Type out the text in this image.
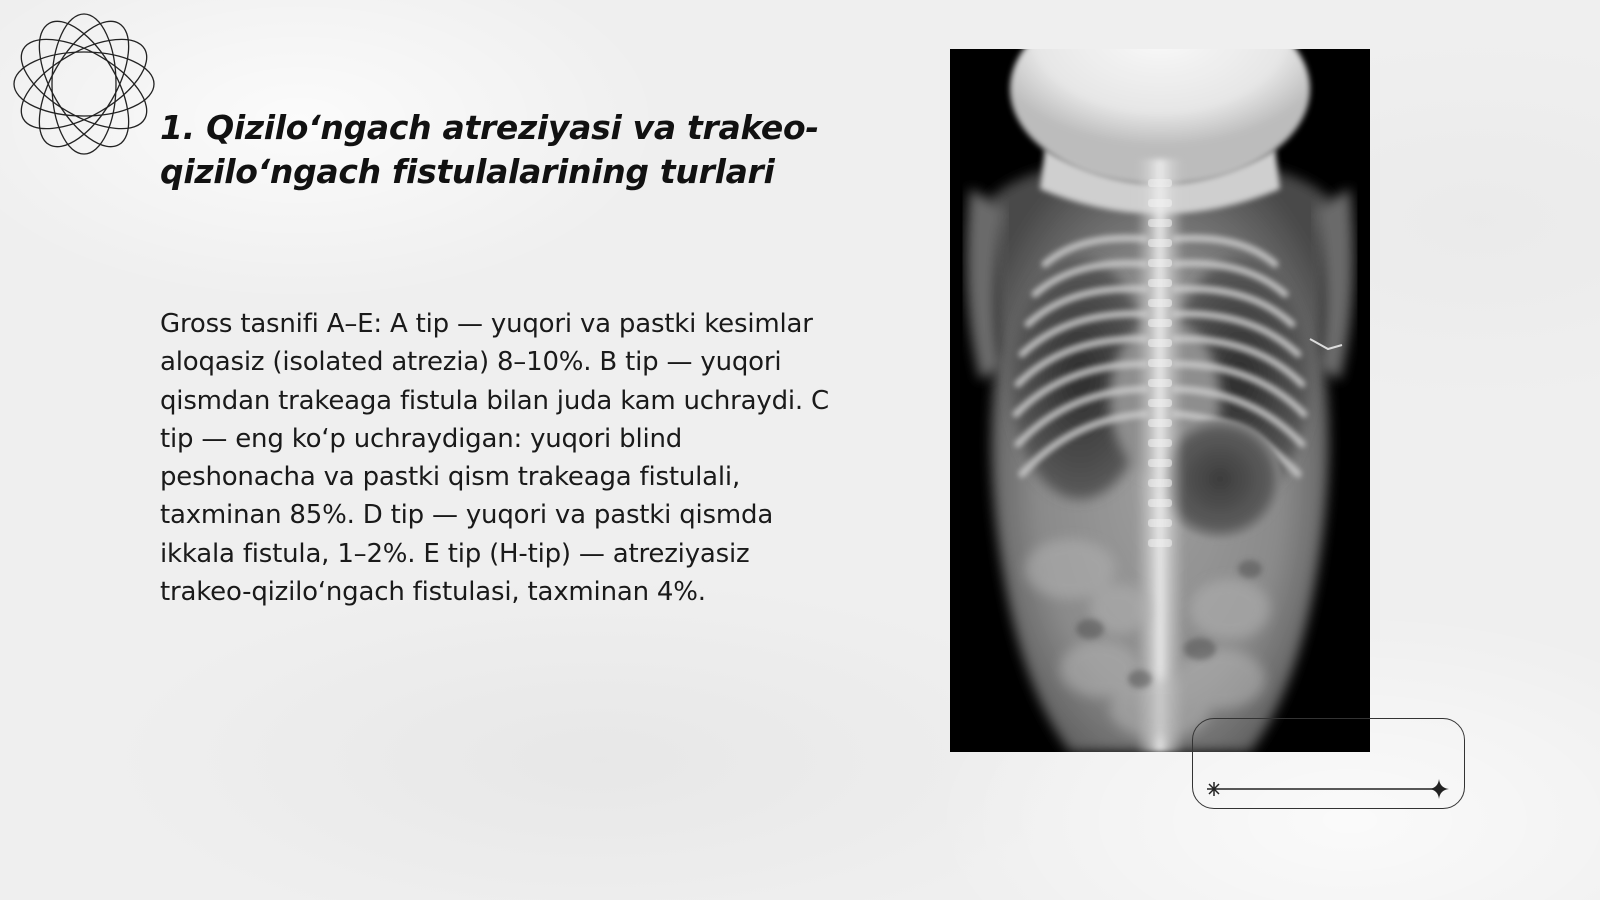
1. Qizilo‘ngach atreziyasi va trakeo-qizilo‘ngach fistulalarining turlari

Gross tasnifi A–E: A tip — yuqori va pastki kesimlar aloqasiz (isolated atrezia) 8–10%. B tip — yuqori qismdan trakeaga fistula bilan juda kam uchraydi. C tip — eng ko‘p uchraydigan: yuqori blind peshonacha va pastki qism trakeaga fistulali, taxminan 85%. D tip — yuqori va pastki qismda ikkala fistula, 1–2%. E tip (H-tip) — atreziyasiz trakeo-qizilo‘ngach fistulasi, taxminan 4%.
